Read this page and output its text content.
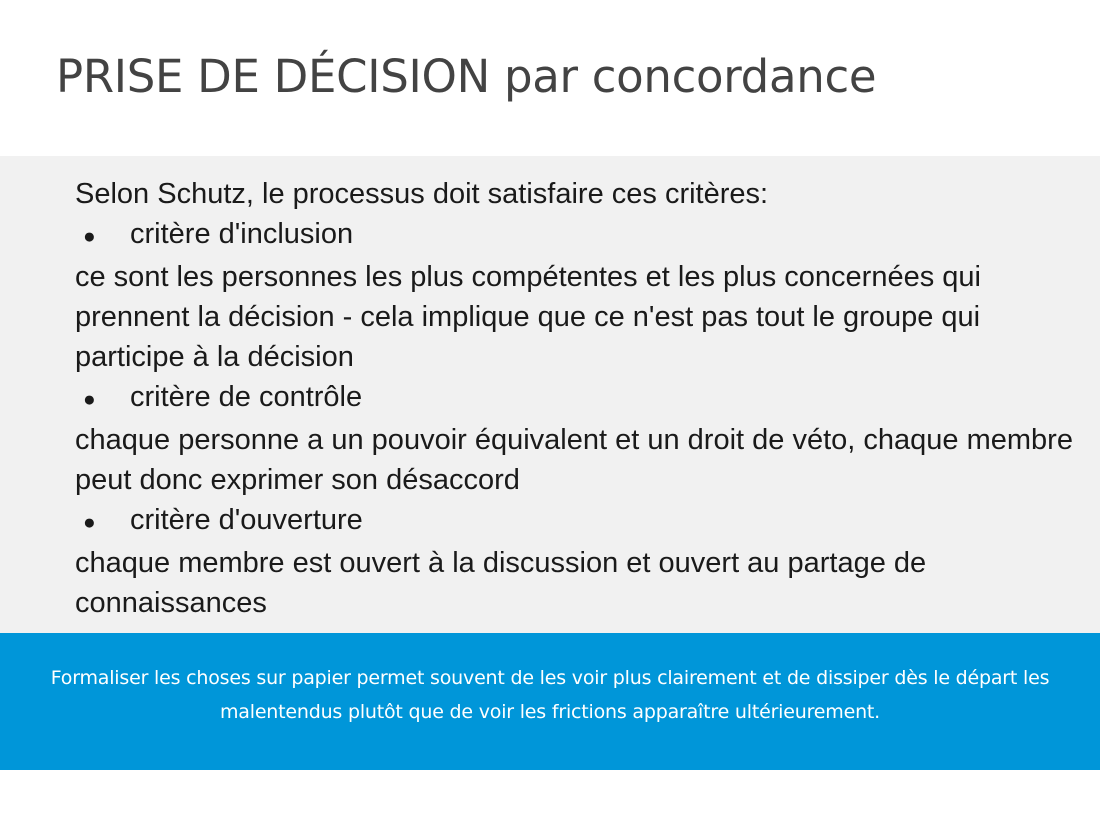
PRISE DE DÉCISION par concordance

Selon Schutz, le processus doit satisfaire ces critères:

●	critère d'inclusion

ce sont les personnes les plus compétentes et les plus concernées qui prennent la décision - cela implique que ce n'est pas tout le groupe qui participe à la décision

●	critère de contrôle

chaque personne a un pouvoir équivalent et un droit de véto, chaque membre peut donc exprimer son désaccord

●	critère d'ouverture

chaque membre est ouvert à la discussion et ouvert au partage de connaissances

Formaliser les choses sur papier permet souvent de les voir plus clairement et de dissiper dès le départ les malentendus plutôt que de voir les frictions apparaître ultérieurement.
